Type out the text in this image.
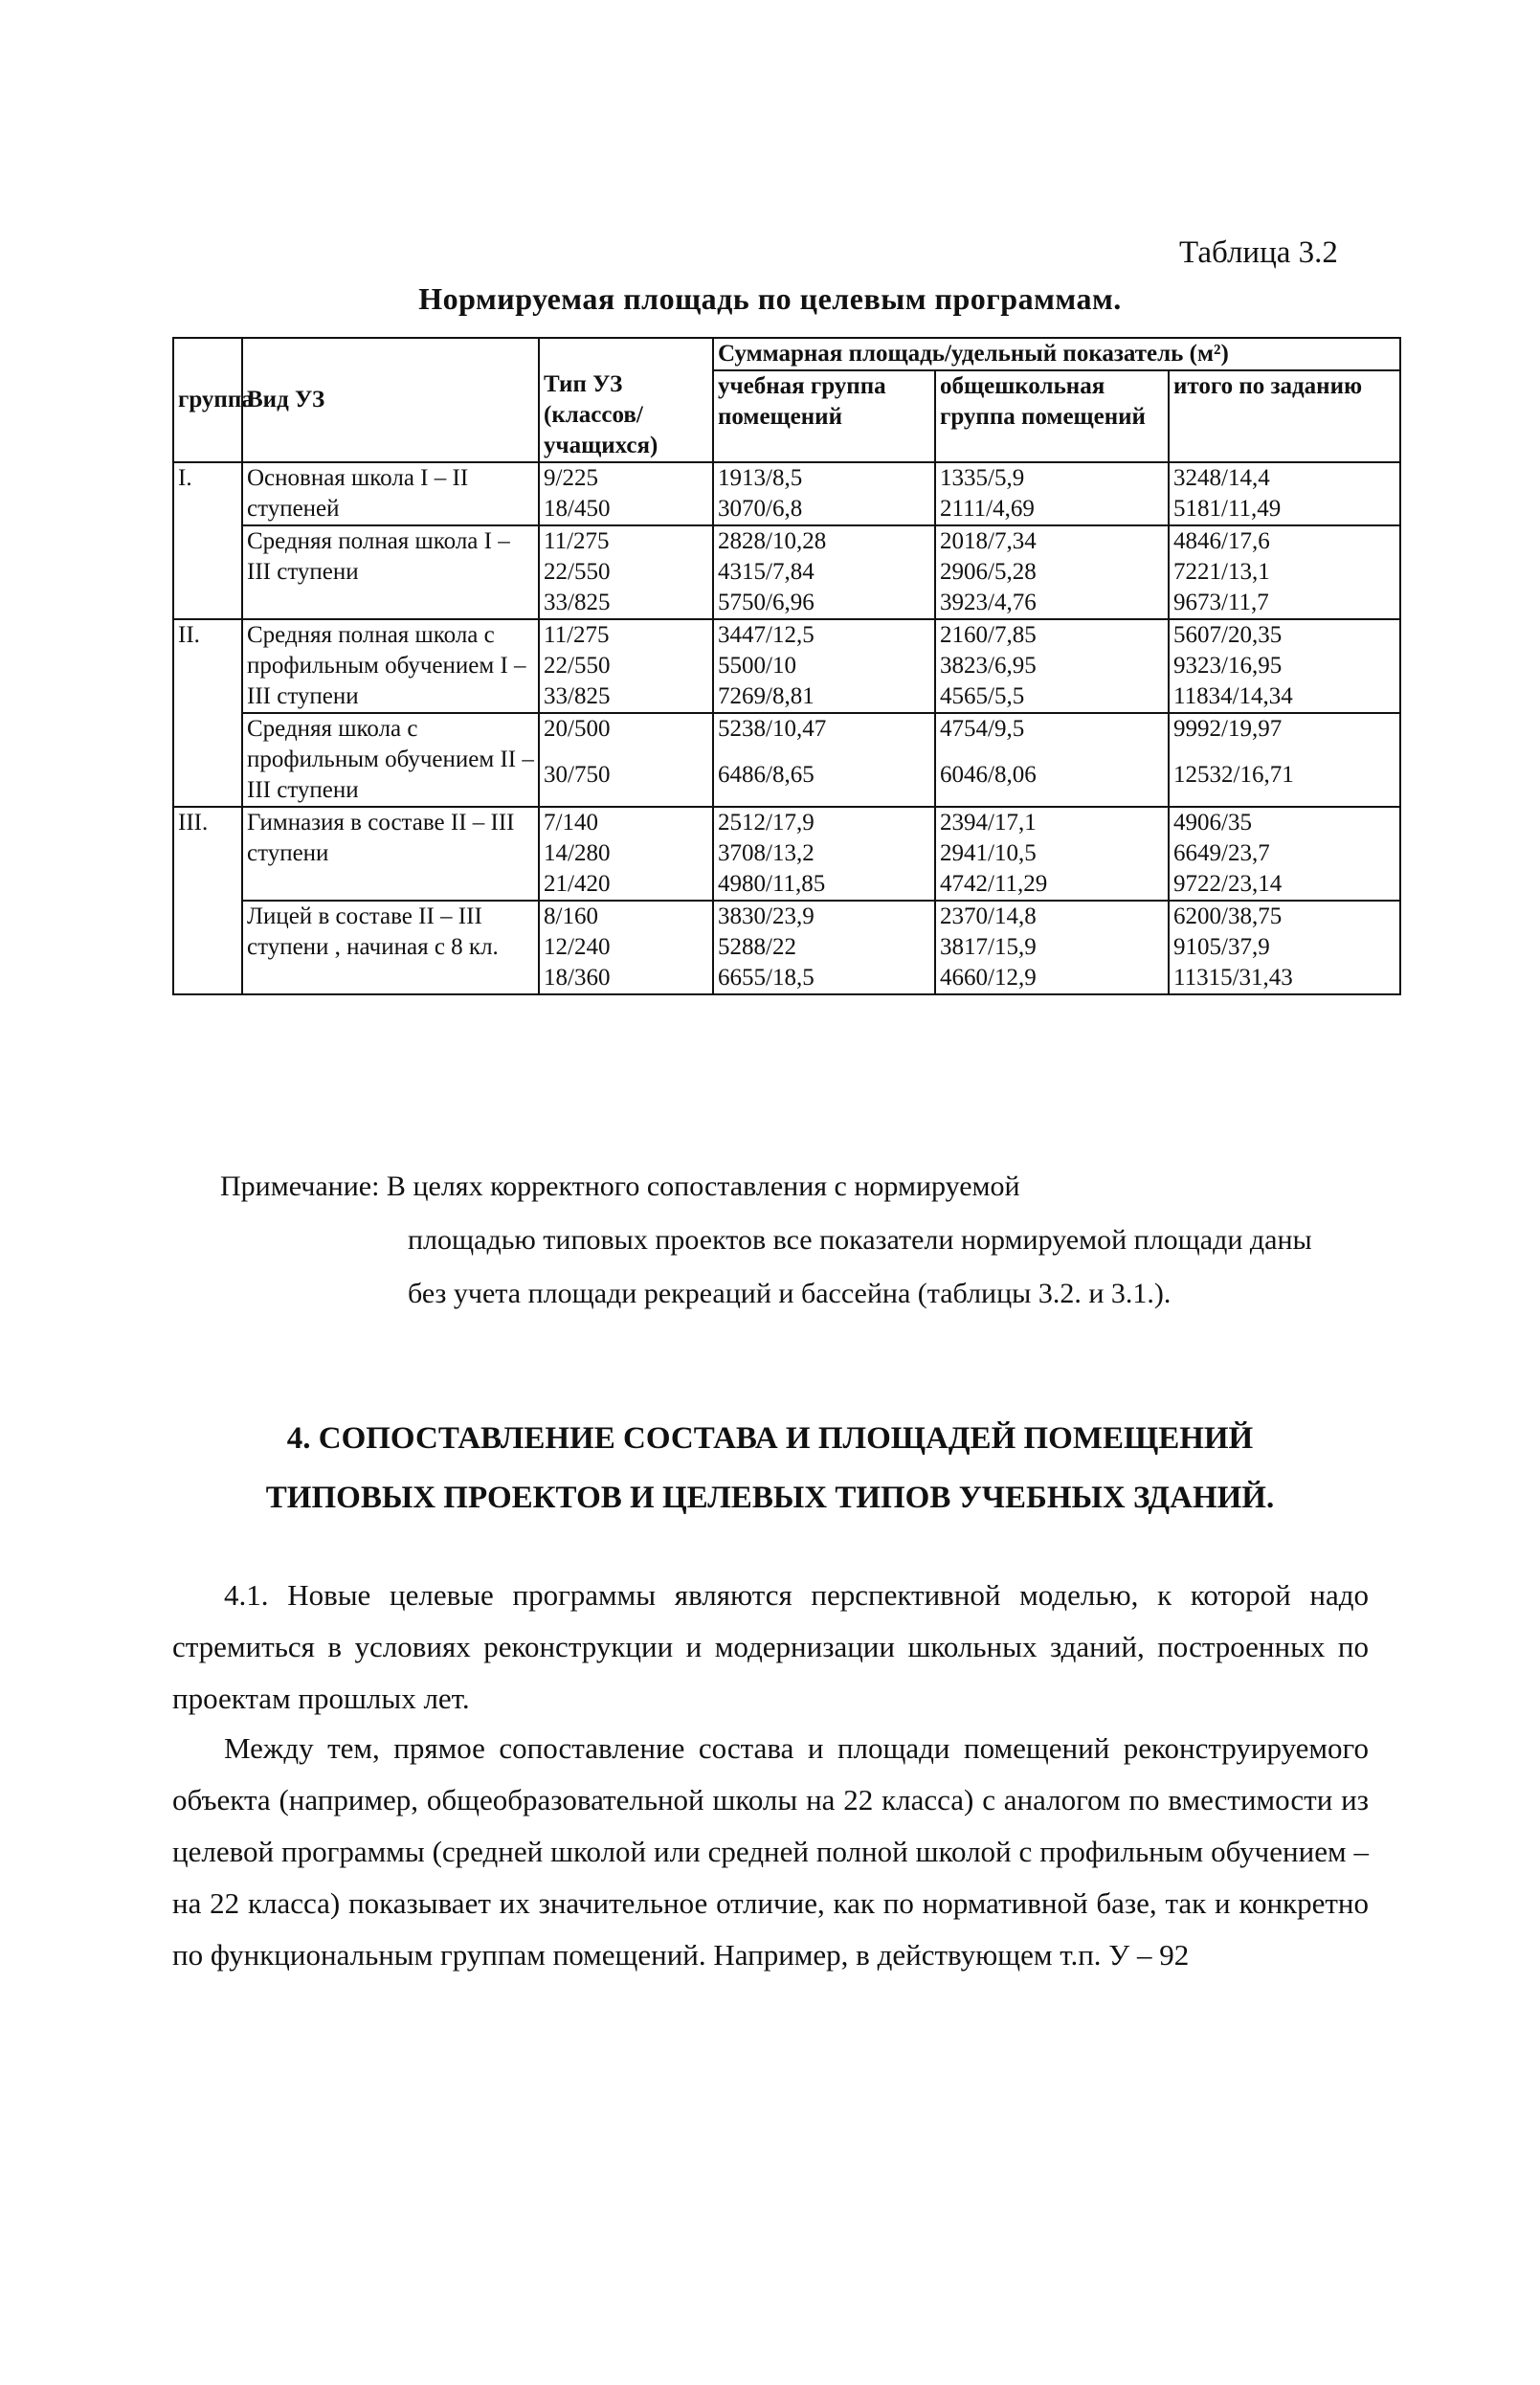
Таблица 3.2
Нормируемая площадь по целевым программам.
группа	Вид УЗ	Тип УЗ (классов/ учащихся)	Суммарная площадь/удельный показатель (м²)		
			учебная группа помещений	общешкольная группа помещений	итого по заданию
I.	Основная школа I – II ступеней	9/225	1913/8,5	1335/5,9	3248/14,4
		18/450	3070/6,8	2111/4,69	5181/11,49
	Средняя полная школа I – III ступени	11/275	2828/10,28	2018/7,34	4846/17,6
		22/550	4315/7,84	2906/5,28	7221/13,1
		33/825	5750/6,96	3923/4,76	9673/11,7
II.	Средняя полная школа с профильным обучением I – III ступени	11/275	3447/12,5	2160/7,85	5607/20,35
		22/550	5500/10	3823/6,95	9323/16,95
		33/825	7269/8,81	4565/5,5	11834/14,34
	Средняя школа с профильным обучением II – III ступени	20/500	5238/10,47	4754/9,5	9992/19,97
		30/750	6486/8,65	6046/8,06	12532/16,71
III.	Гимназия в составе II – III ступени	7/140	2512/17,9	2394/17,1	4906/35
		14/280	3708/13,2	2941/10,5	6649/23,7
		21/420	4980/11,85	4742/11,29	9722/23,14
	Лицей в составе II – III ступени , начиная с 8 кл.	8/160	3830/23,9	2370/14,8	6200/38,75
		12/240	5288/22	3817/15,9	9105/37,9
		18/360	6655/18,5	4660/12,9	11315/31,43
Примечание: В целях корректного сопоставления с нормируемой
площадью типовых проектов все показатели нормируемой площади даны без учета площади рекреаций и бассейна (таблицы 3.2. и 3.1.).
4. СОПОСТАВЛЕНИЕ СОСТАВА И ПЛОЩАДЕЙ ПОМЕЩЕНИЙ
ТИПОВЫХ ПРОЕКТОВ И ЦЕЛЕВЫХ ТИПОВ УЧЕБНЫХ ЗДАНИЙ.
4.1. Новые целевые программы являются перспективной моделью, к которой надо стремиться в условиях реконструкции и модернизации школьных зданий, построенных по проектам прошлых лет.
Между тем, прямое сопоставление состава и площади помещений реконструируемого объекта (например, общеобразовательной школы на 22 класса) с аналогом по вместимости из целевой программы (средней школой или средней полной школой с профильным обучением – на 22 класса) показывает их значительное отличие, как по нормативной базе, так и конкретно по функциональным группам помещений. Например, в действующем т.п. У – 92
